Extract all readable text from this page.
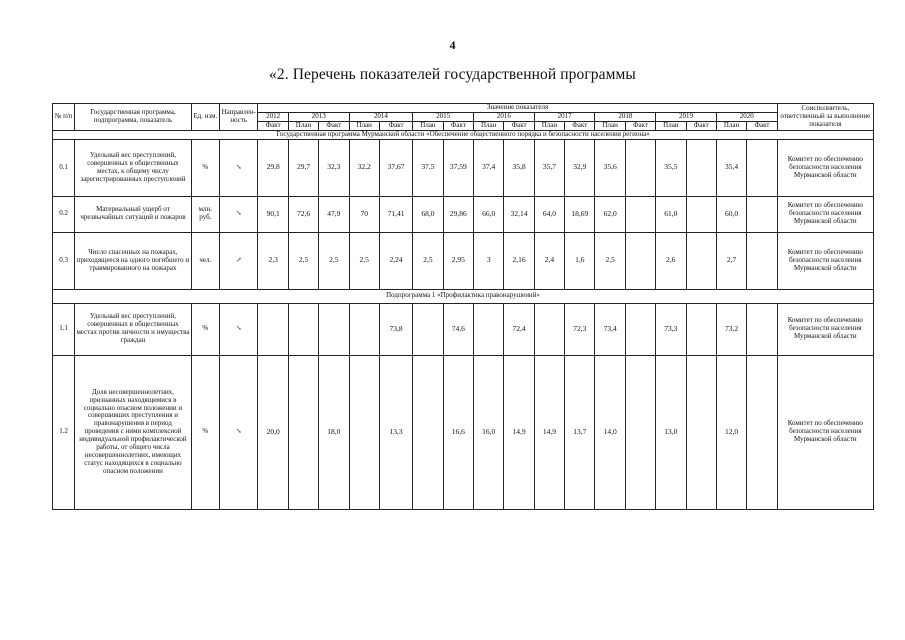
4
«2. Перечень показателей государственной программы
№ п/п	Государственная программа, подпрограмма, показатель	Ед. изм.	Направлен-ность	Значение показателя																	Соисполнитель, ответственный за выполнение показателя
				2012	2013		2014		2015		2016		2017		2018		2019		2020		
				Факт	План	Факт	План	Факт	План	Факт	План	Факт	План	Факт	План	Факт	План	Факт	План	Факт	
Государственная программа Мурманской области «Обеспечение общественного порядка и безопасности населения региона»																					
0.1	Удельный вес преступлений, совершенных в общественных местах, к общему числу зарегистрированных преступлений	%	↘	29,8	29,7	32,3	32,2	37,67	37,5	37,59	37,4	35,8	35,7	32,9	35,6		35,5		35,4		Комитет по обеспечению безопасности населения Мурманской области
0.2	Материальный ущерб от чрезвычайных ситуаций и пожаров	млн. руб.	↘	90,1	72,6	47,9	70	71,41	68,0	29,86	66,0	32,14	64,0	18,69	62,0		61,0		60,0		Комитет по обеспечению безопасности населения Мурманской области
0.3	Число спасенных на пожарах, приходящееся на одного погибшего и травмированного на пожарах	чел.	↗	2,3	2,5	2,5	2,5	2,24	2,5	2,95	3	2,16	2,4	1,6	2,5		2,6		2,7		Комитет по обеспечению безопасности населения Мурманской области
Подпрограмма 1 «Профилактика правонарушений»																					
1.1	Удельный вес преступлений, совершенных в общественных местах против личности и имущества граждан	%	↘					73,8		74,6		72,4		72,3	73,4		73,3		73,2		Комитет по обеспечению безопасности населения Мурманской области
1.2	Доля несовершеннолетних, признанных находящимися в социально опасном положении и совершивших преступления и правонарушения в период проведения с ними комплексной индивидуальной профилактической работы, от общего числа несовершеннолетних, имеющих статус находящихся в социально опасном положении	%	↘	20,0		18,0		13,3		16,6	16,0	14,9	14,9	13,7	14,0		13,0		12,0		Комитет по обеспечению безопасности населения Мурманской области
